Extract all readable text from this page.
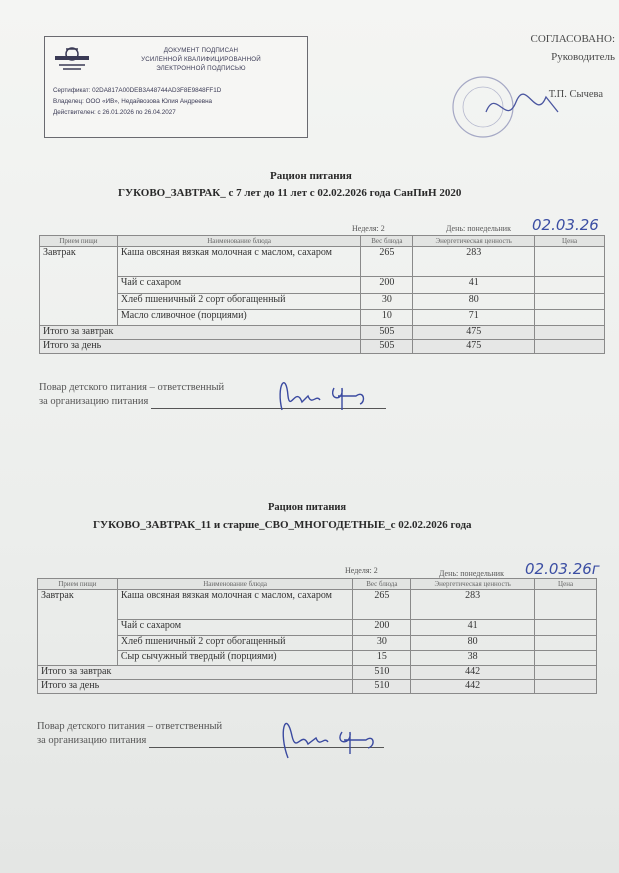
ДОКУМЕНТ ПОДПИСАН
УСИЛЕННОЙ КВАЛИФИЦИРОВАННОЙ
ЭЛЕКТРОННОЙ ПОДПИСЬЮ
Сертификат: 02DA817A00DEB3A48744AD3F8E9848FF1D
Владелец: ООО «ИВ», Недайвозова Юлия Андреевна
Действителен: с 26.01.2026 по 26.04.2027
СОГЛАСОВАНО:
Руководитель
Т.П. Сычева
Рацион питания
ГУКОВО_ЗАВТРАК_ с 7 лет до 11 лет с 02.02.2026 года СанПиН 2020
Неделя: 2	День: понедельник 02.03.26
Прием пищи	Наименование блюда	Вес блюда	Энергетическая ценность	Цена
Завтрак	Каша овсяная вязкая молочная с маслом, сахаром	265	283	
	Чай с сахаром	200	41	
	Хлеб пшеничный 2 сорт обогащенный	30	80	
	Масло сливочное (порциями)	10	71	
Итого за завтрак		505	475	
Итого за день		505	475	
Повар детского питания – ответственный
за организацию питания
Рацион питания
ГУКОВО_ЗАВТРАК_11 и старше_СВО_МНОГОДЕТНЫЕ_с 02.02.2026 года
Неделя: 2	День: понедельник 02.03.26г
Прием пищи	Наименование блюда	Вес блюда	Энергетическая ценность	Цена
Завтрак	Каша овсяная вязкая молочная с маслом, сахаром	265	283	
	Чай с сахаром	200	41	
	Хлеб пшеничный 2 сорт обогащенный	30	80	
	Сыр сычужный твердый (порциями)	15	38	
Итого за завтрак		510	442	
Итого за день		510	442	
Повар детского питания – ответственный
за организацию питания
